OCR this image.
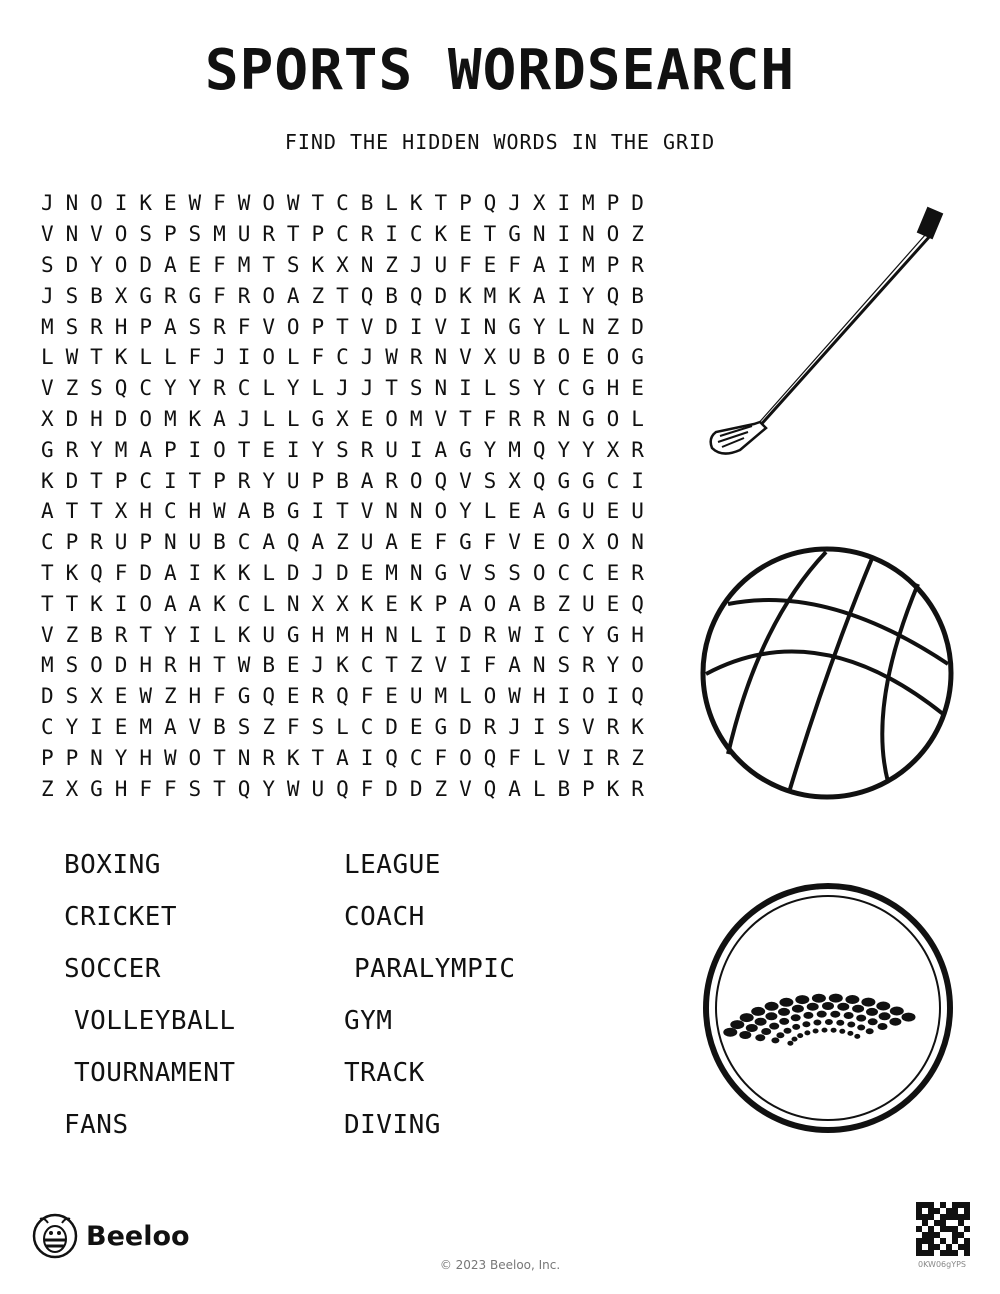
SPORTS WORDSEARCH
FIND THE HIDDEN WORDS IN THE GRID
J N O I K E W F W O W T C B L K T P Q J X I M P D
V N V O S P S M U R T P C R I C K E T G N I N O Z
S D Y O D A E F M T S K X N Z J U F E F A I M P R
J S B X G R G F R O A Z T Q B Q D K M K A I Y Q B
M S R H P A S R F V O P T V D I V I N G Y L N Z D
L W T K L L F J I O L F C J W R N V X U B O E O G
V Z S Q C Y Y R C L Y L J J T S N I L S Y C G H E
X D H D O M K A J L L G X E O M V T F R R N G O L
G R Y M A P I O T E I Y S R U I A G Y M Q Y Y X R
K D T P C I T P R Y U P B A R O Q V S X Q G G C I
A T T X H C H W A B G I T V N N O Y L E A G U E U
C P R U P N U B C A Q A Z U A E F G F V E O X O N
T K Q F D A I K K L D J D E M N G V S S O C C E R
T T K I O A A K C L N X X K E K P A O A B Z U E Q
V Z B R T Y I L K U G H M H N L I D R W I C Y G H
M S O D H R H T W B E J K C T Z V I F A N S R Y O
D S X E W Z H F G Q E R Q F E U M L O W H I O I Q
C Y I E M A V B S Z F S L C D E G D R J I S V R K
P P N Y H W O T N R K T A I Q C F O Q F L V I R Z
Z X G H F F S T Q Y W U Q F D D Z V Q A L B P K R
BOXING
CRICKET
SOCCER
VOLLEYBALL
TOURNAMENT
FANS
LEAGUE
COACH
PARALYMPIC
GYM
TRACK
DIVING
Beeloo
© 2023 Beeloo, Inc.	0KW06gYPS
